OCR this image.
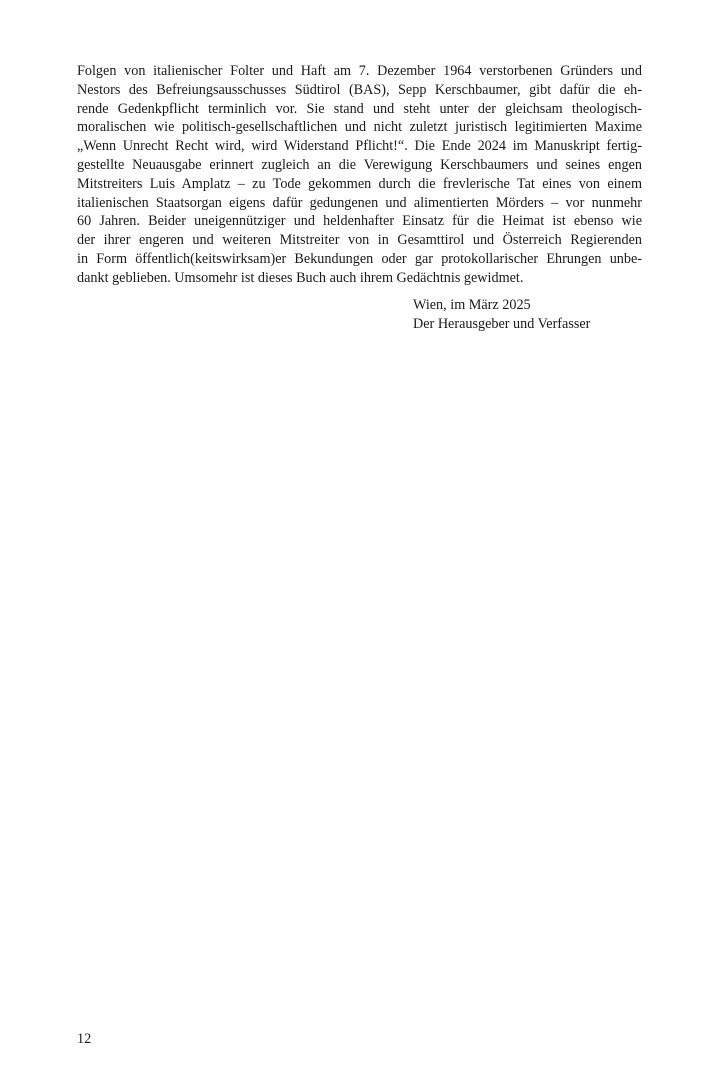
Folgen von italienischer Folter und Haft am 7. Dezember 1964 verstorbenen Gründers und
Nestors des Befreiungsausschusses Südtirol (BAS), Sepp Kerschbaumer, gibt dafür die eh-
rende Gedenkpflicht terminlich vor. Sie stand und steht unter der gleichsam theologisch-
moralischen wie politisch-gesellschaftlichen und nicht zuletzt juristisch legitimierten Maxime
„Wenn Unrecht Recht wird, wird Widerstand Pflicht!“. Die Ende 2024 im Manuskript fertig-
gestellte Neuausgabe erinnert zugleich an die Verewigung Kerschbaumers und seines engen
Mitstreiters Luis Amplatz – zu Tode gekommen durch die frevlerische Tat eines von einem
italienischen Staatsorgan eigens dafür gedungenen und alimentierten Mörders – vor nunmehr
60 Jahren. Beider uneigennütziger und heldenhafter Einsatz für die Heimat ist ebenso wie
der ihrer engeren und weiteren Mitstreiter von in Gesamttirol und Österreich Regierenden
in Form öffentlich(keitswirksam)er Bekundungen oder gar protokollarischer Ehrungen unbe-
dankt geblieben. Umsomehr ist dieses Buch auch ihrem Gedächtnis gewidmet.
Wien, im März 2025
Der Herausgeber und Verfasser
12
